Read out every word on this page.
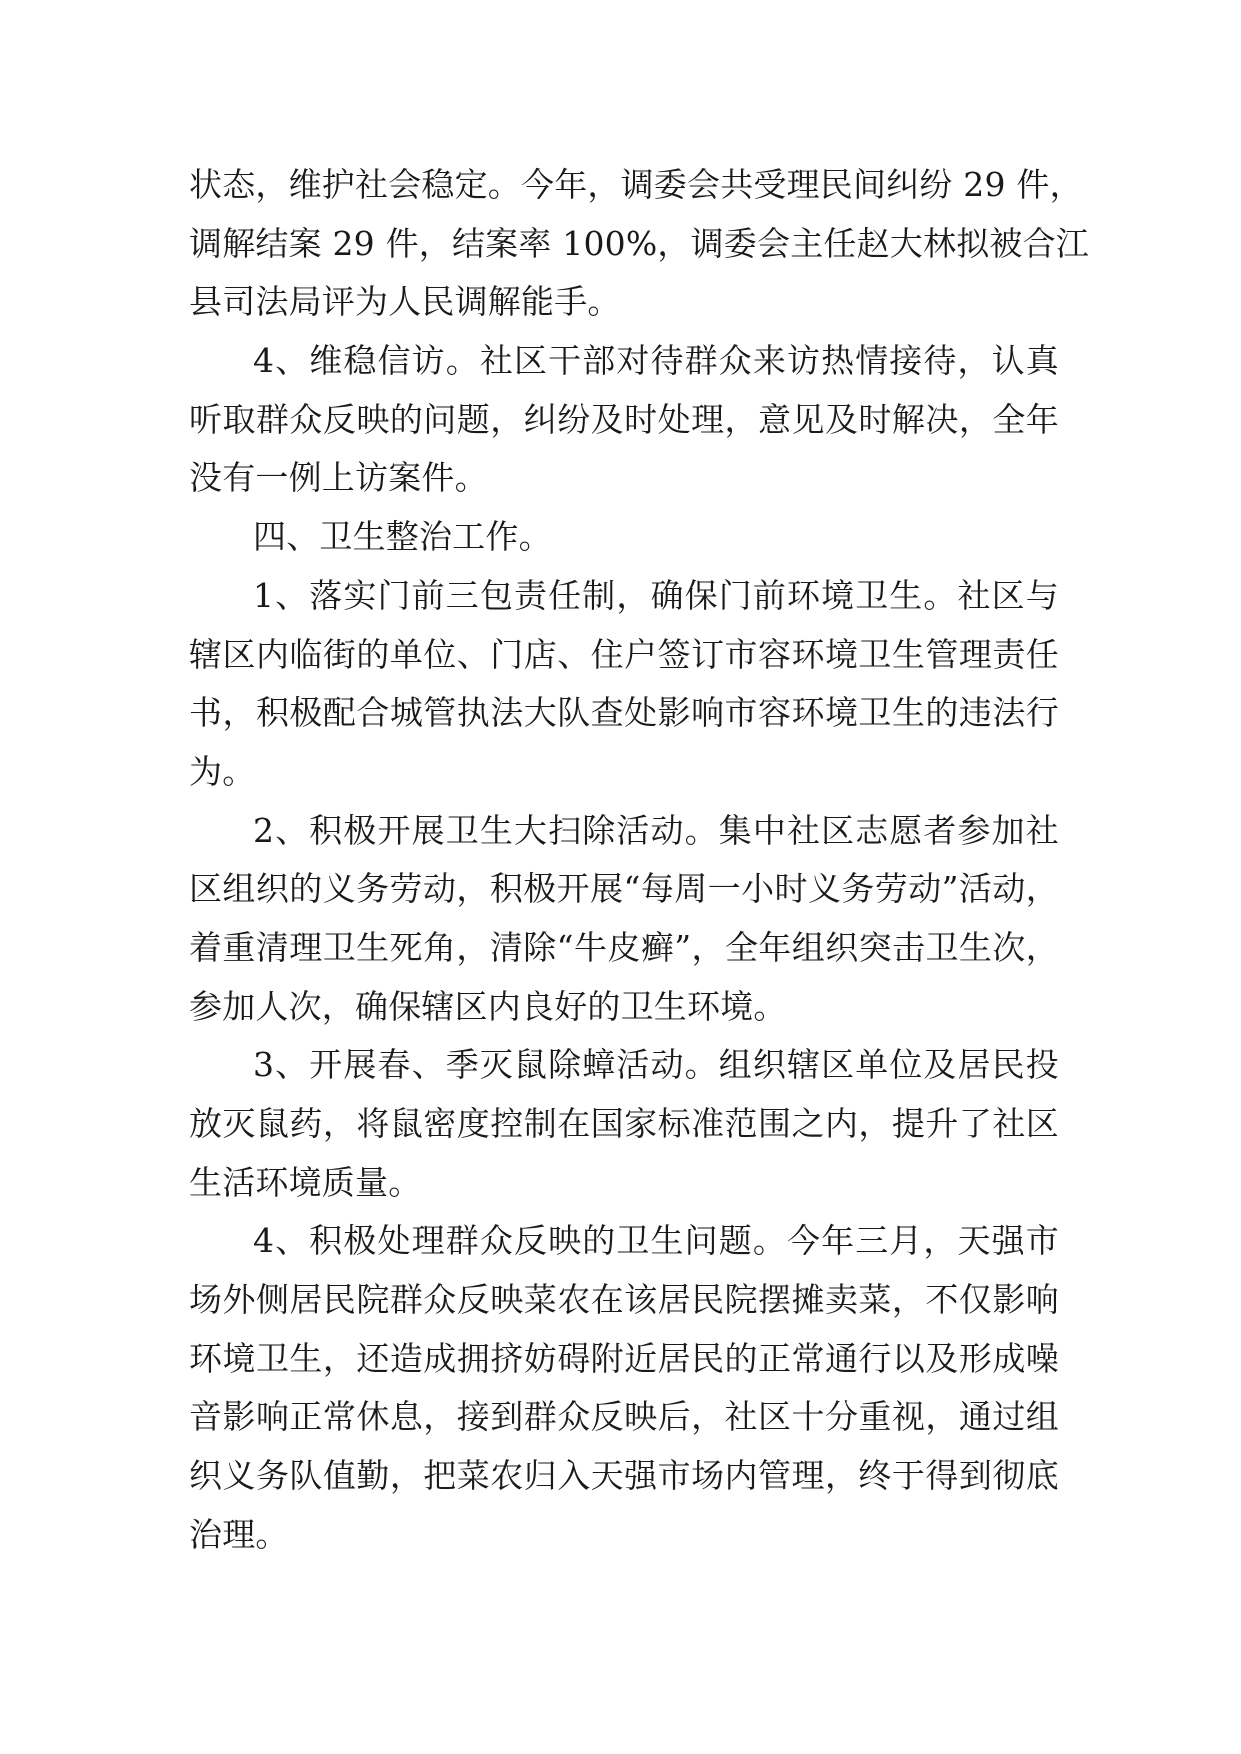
状态，维护社会稳定。今年，调委会共受理民间纠纷 29 件，
调解结案 29 件，结案率 100%，调委会主任赵大林拟被合江
县司法局评为人民调解能手。
4、维稳信访。社区干部对待群众来访热情接待，认真
听取群众反映的问题，纠纷及时处理，意见及时解决，全年
没有一例上访案件。
四、卫生整治工作。
1、落实门前三包责任制，确保门前环境卫生。社区与
辖区内临街的单位、门店、住户签订市容环境卫生管理责任
书，积极配合城管执法大队查处影响市容环境卫生的违法行
为。
2、积极开展卫生大扫除活动。集中社区志愿者参加社
区组织的义务劳动，积极开展“每周一小时义务劳动”活动，
着重清理卫生死角，清除“牛皮癣”，全年组织突击卫生次，
参加人次，确保辖区内良好的卫生环境。
3、开展春、季灭鼠除蟑活动。组织辖区单位及居民投
放灭鼠药，将鼠密度控制在国家标准范围之内，提升了社区
生活环境质量。
4、积极处理群众反映的卫生问题。今年三月，天强市
场外侧居民院群众反映菜农在该居民院摆摊卖菜，不仅影响
环境卫生，还造成拥挤妨碍附近居民的正常通行以及形成噪
音影响正常休息，接到群众反映后，社区十分重视，通过组
织义务队值勤，把菜农归入天强市场内管理，终于得到彻底
治理。
